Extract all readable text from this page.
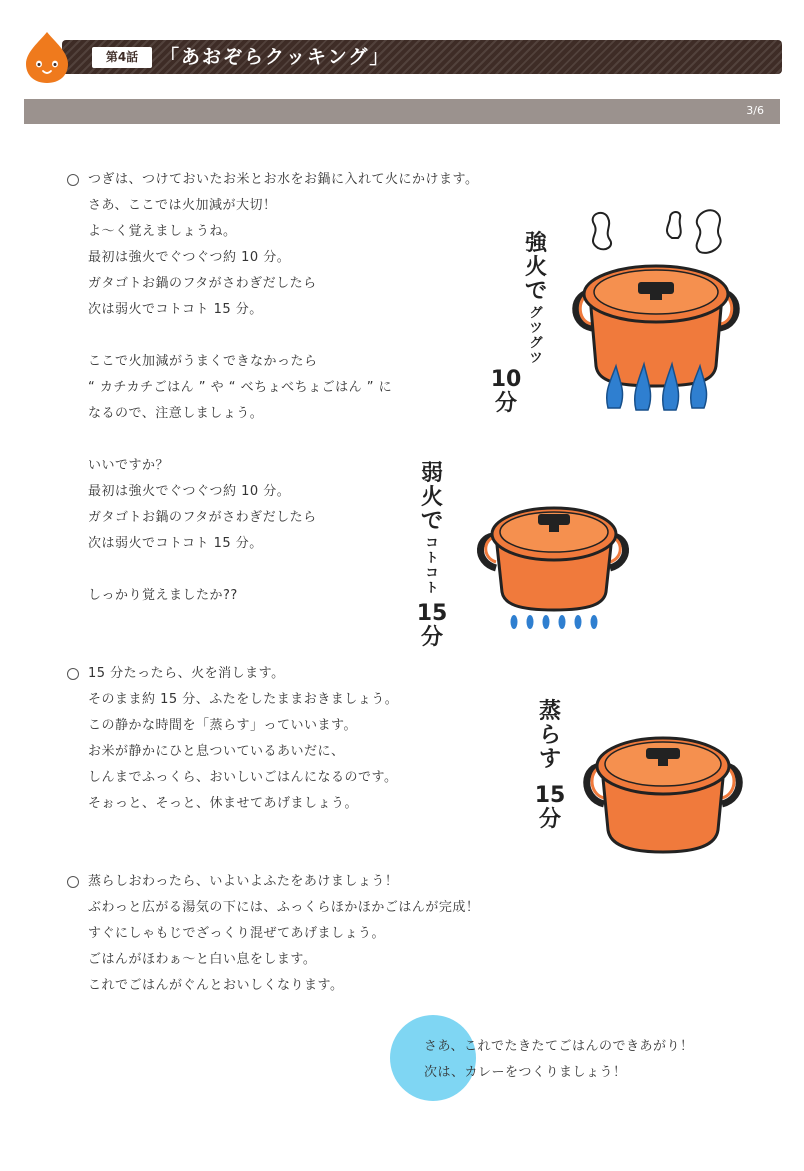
第4話	「あおぞらクッキング」
3/6
つぎは、つけておいたお米とお水をお鍋に入れて火にかけます。
さあ、ここでは火加減が大切！
よ〜く覚えましょうね。
最初は強火でぐつぐつ約 10 分。
ガタゴトお鍋のフタがさわぎだしたら
次は弱火でコトコト 15 分。
ここで火加減がうまくできなかったら
“ カチカチごはん ” や “ べちょべちょごはん ” に
なるので、注意しましょう。
いいですか？
最初は強火でぐつぐつ約 10 分。
ガタゴトお鍋のフタがさわぎだしたら
次は弱火でコトコト 15 分。
しっかり覚えましたか??
15 分たったら、火を消します。
そのまま約 15 分、ふたをしたままおきましょう。
この静かな時間を「蒸らす」っていいます。
お米が静かにひと息ついているあいだに、
しんまでふっくら、おいしいごはんになるのです。
そぉっと、そっと、休ませてあげましょう。
蒸らしおわったら、いよいよふたをあけましょう！
ぶわっと広がる湯気の下には、ふっくらほかほかごはんが完成！
すぐにしゃもじでざっくり混ぜてあげましょう。
ごはんがほわぁ〜と白い息をします。
これでごはんがぐんとおいしくなります。
強
火
で
グツグツ
10
分
弱
火
で
コトコト
15
分
蒸
ら
す
15
分
さあ、これでたきたてごはんのできあがり！
次は、カレーをつくりましょう！
